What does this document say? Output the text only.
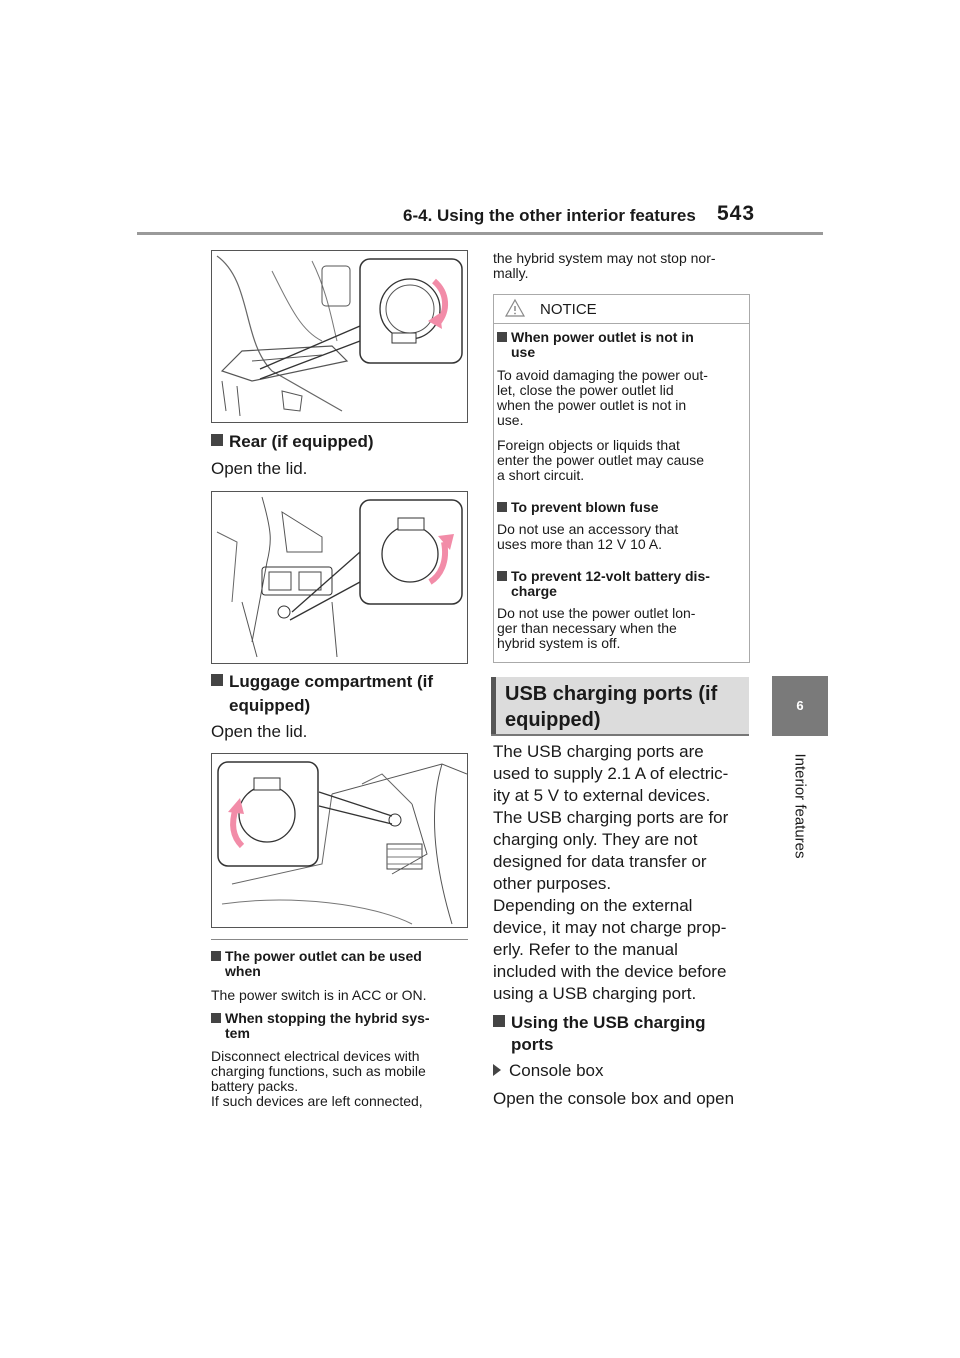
6-4. Using the other interior features 543
6
Interior features
Rear (if equipped)
Open the lid.
Luggage compartment (if
equipped)
Open the lid.
The power outlet can be used
when
The power switch is in ACC or ON.
When stopping the hybrid sys-
tem
Disconnect electrical devices with
charging functions, such as mobile
battery packs.
If such devices are left connected,
the hybrid system may not stop nor-
mally.
NOTICE
When power outlet is not in
use
To avoid damaging the power out-
let, close the power outlet lid
when the power outlet is not in
use.
Foreign objects or liquids that
enter the power outlet may cause
a short circuit.
To prevent blown fuse
Do not use an accessory that
uses more than 12 V 10 A.
To prevent 12-volt battery dis-
charge
Do not use the power outlet lon-
ger than necessary when the
hybrid system is off.
USB charging ports (if
equipped)
The USB charging ports are
used to supply 2.1 A of electric-
ity at 5 V to external devices.
The USB charging ports are for
charging only. They are not
designed for data transfer or
other purposes.
Depending on the external
device, it may not charge prop-
erly. Refer to the manual
included with the device before
using a USB charging port.
Using the USB charging
ports
Console box
Open the console box and open
